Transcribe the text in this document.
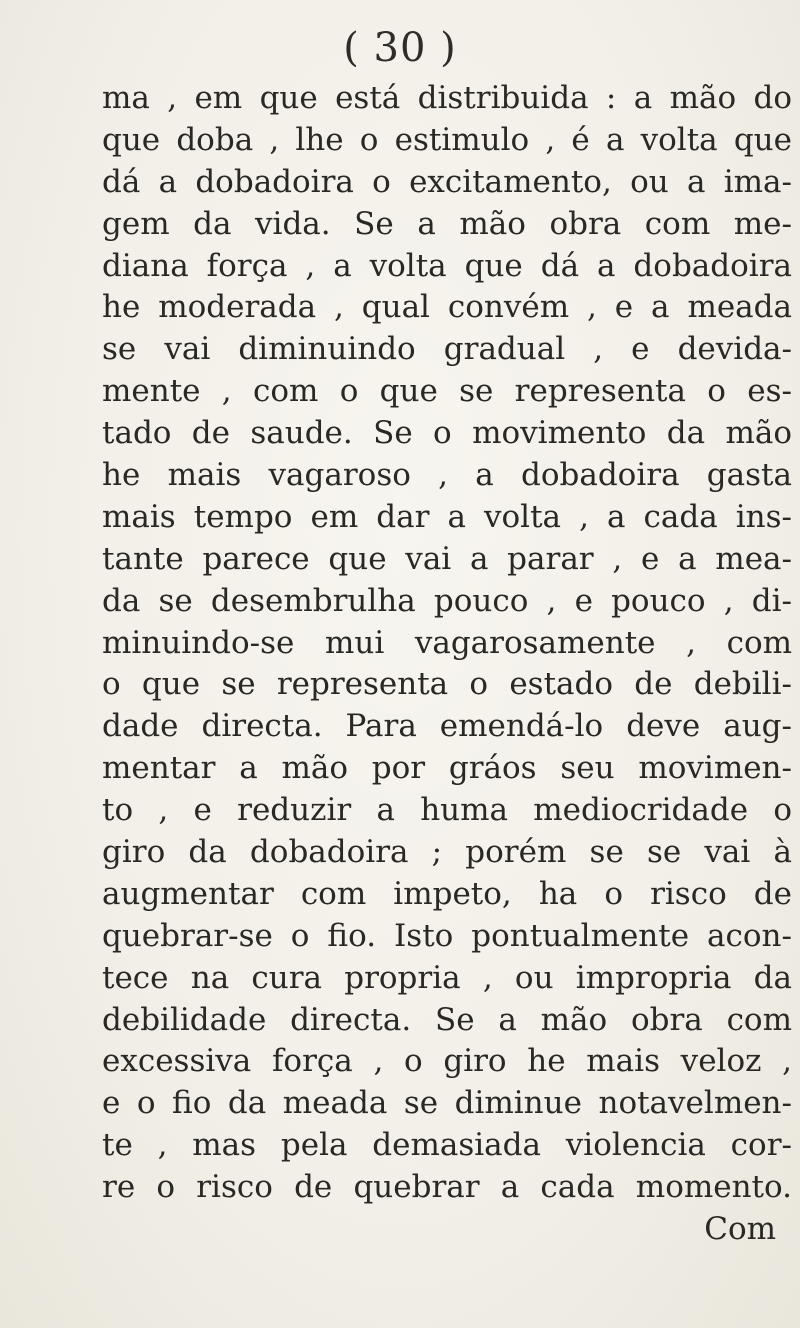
( 30 )
ma , em que está distribuida : a mão do
que doba , lhe o estimulo , é a volta que
dá a dobadoira o excitamento, ou a ima-
gem da vida. Se a mão obra com me-
diana força , a volta que dá a dobadoira
he moderada , qual convém , e a meada
se vai diminuindo gradual , e devida-
mente , com o que se representa o es-
tado de saude. Se o movimento da mão
he mais vagaroso , a dobadoira gasta
mais tempo em dar a volta , a cada ins-
tante parece que vai a parar , e a mea-
da se desembrulha pouco , e pouco , di-
minuindo-se mui vagarosamente , com
o que se representa o estado de debili-
dade directa. Para emendá-lo deve aug-
mentar a mão por gráos seu movimen-
to , e reduzir a huma mediocridade o
giro da dobadoira ; porém se se vai à
augmentar com impeto, ha o risco de
quebrar-se o fio. Isto pontualmente acon-
tece na cura propria , ou impropria da
debilidade directa. Se a mão obra com
excessiva força , o giro he mais veloz ,
e o fio da meada se diminue notavelmen-
te , mas pela demasiada violencia cor-
re o risco de quebrar a cada momento.
Com
